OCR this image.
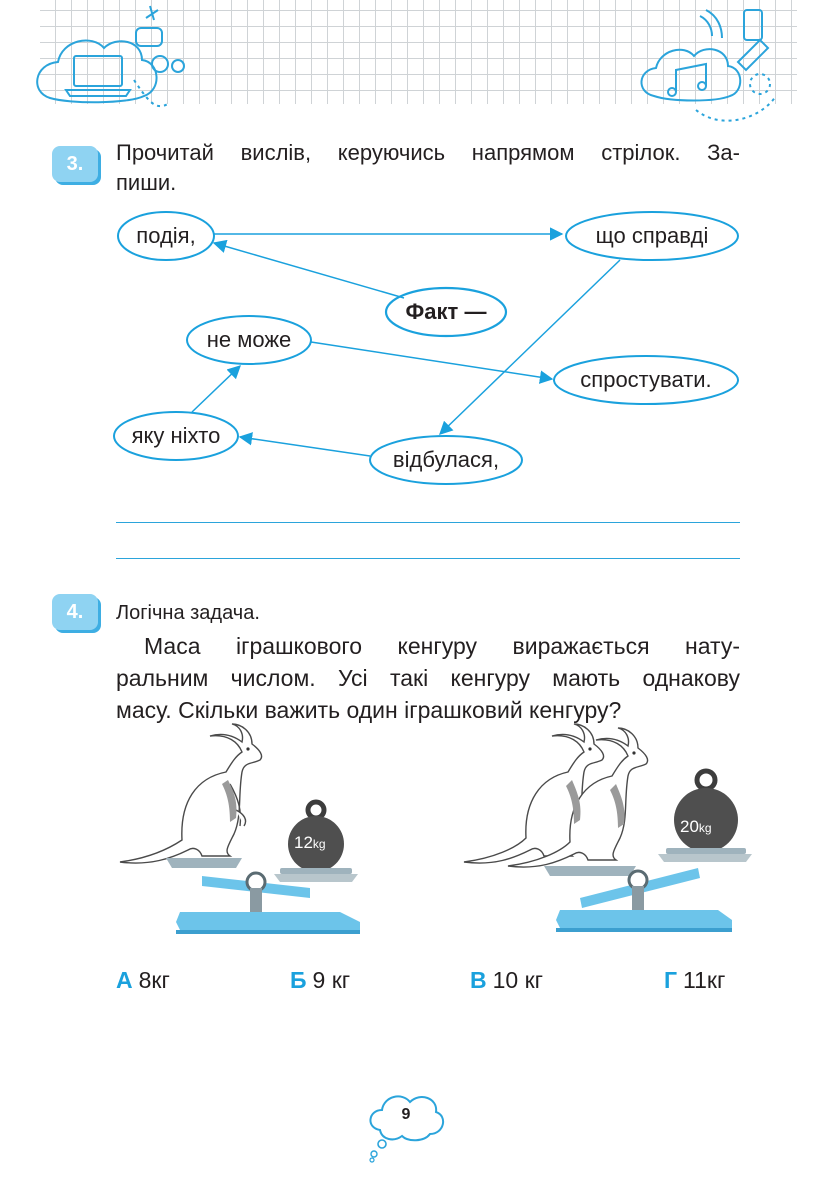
3.	Прочитай вислів, керуючись напрямом стрілок. За-
пиши.
Факт —
подія,	що справді
не може
спростувати.
яку ніхто
відбулася,
4.	Логічна задача.
Маса іграшкового кенгуру виражається нату-
ральним числом. Усі такі кенгуру мають однакову
масу. Скільки важить один іграшковий кенгуру?
12kg
20kg
А 8кг	Б 9 кг	В 10 кг	Г 11кг
9
